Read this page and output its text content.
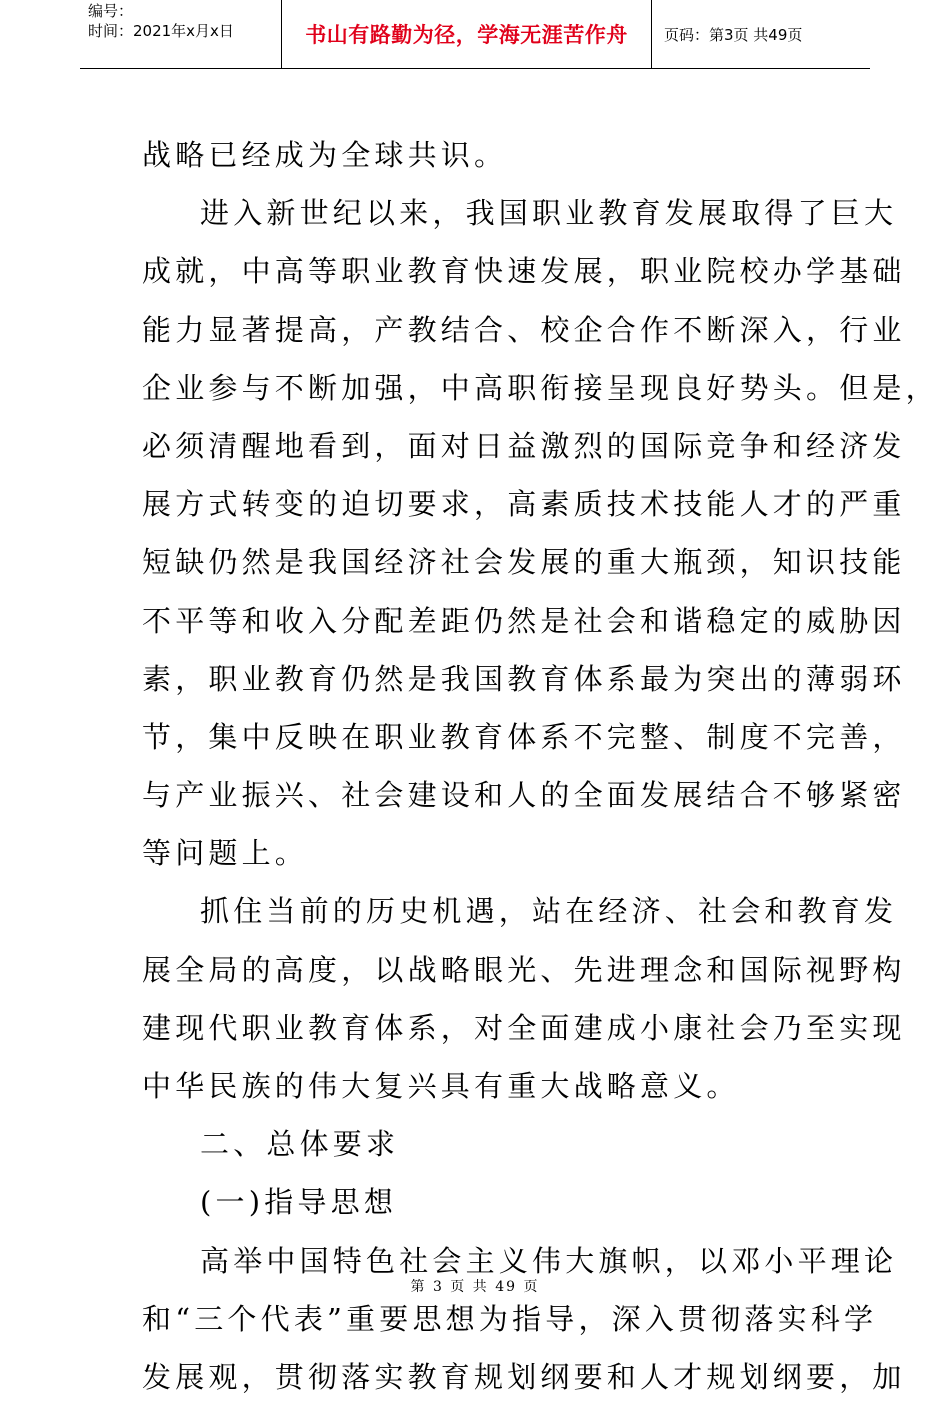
编号：
时间：2021年x月x日	书山有路勤为径，学海无涯苦作舟	页码：第3页 共49页
战略已经成为全球共识。
进入新世纪以来，我国职业教育发展取得了巨大
成就，中高等职业教育快速发展，职业院校办学基础
能力显著提高，产教结合、校企合作不断深入，行业
企业参与不断加强，中高职衔接呈现良好势头。但是，
必须清醒地看到，面对日益激烈的国际竞争和经济发
展方式转变的迫切要求，高素质技术技能人才的严重
短缺仍然是我国经济社会发展的重大瓶颈，知识技能
不平等和收入分配差距仍然是社会和谐稳定的威胁因
素，职业教育仍然是我国教育体系最为突出的薄弱环
节，集中反映在职业教育体系不完整、制度不完善，
与产业振兴、社会建设和人的全面发展结合不够紧密
等问题上。
抓住当前的历史机遇，站在经济、社会和教育发
展全局的高度，以战略眼光、先进理念和国际视野构
建现代职业教育体系，对全面建成小康社会乃至实现
中华民族的伟大复兴具有重大战略意义。
二、总体要求
(一)指导思想
高举中国特色社会主义伟大旗帜，以邓小平理论
和“三个代表”重要思想为指导，深入贯彻落实科学
发展观，贯彻落实教育规划纲要和人才规划纲要，加
第 3 页 共 49 页
